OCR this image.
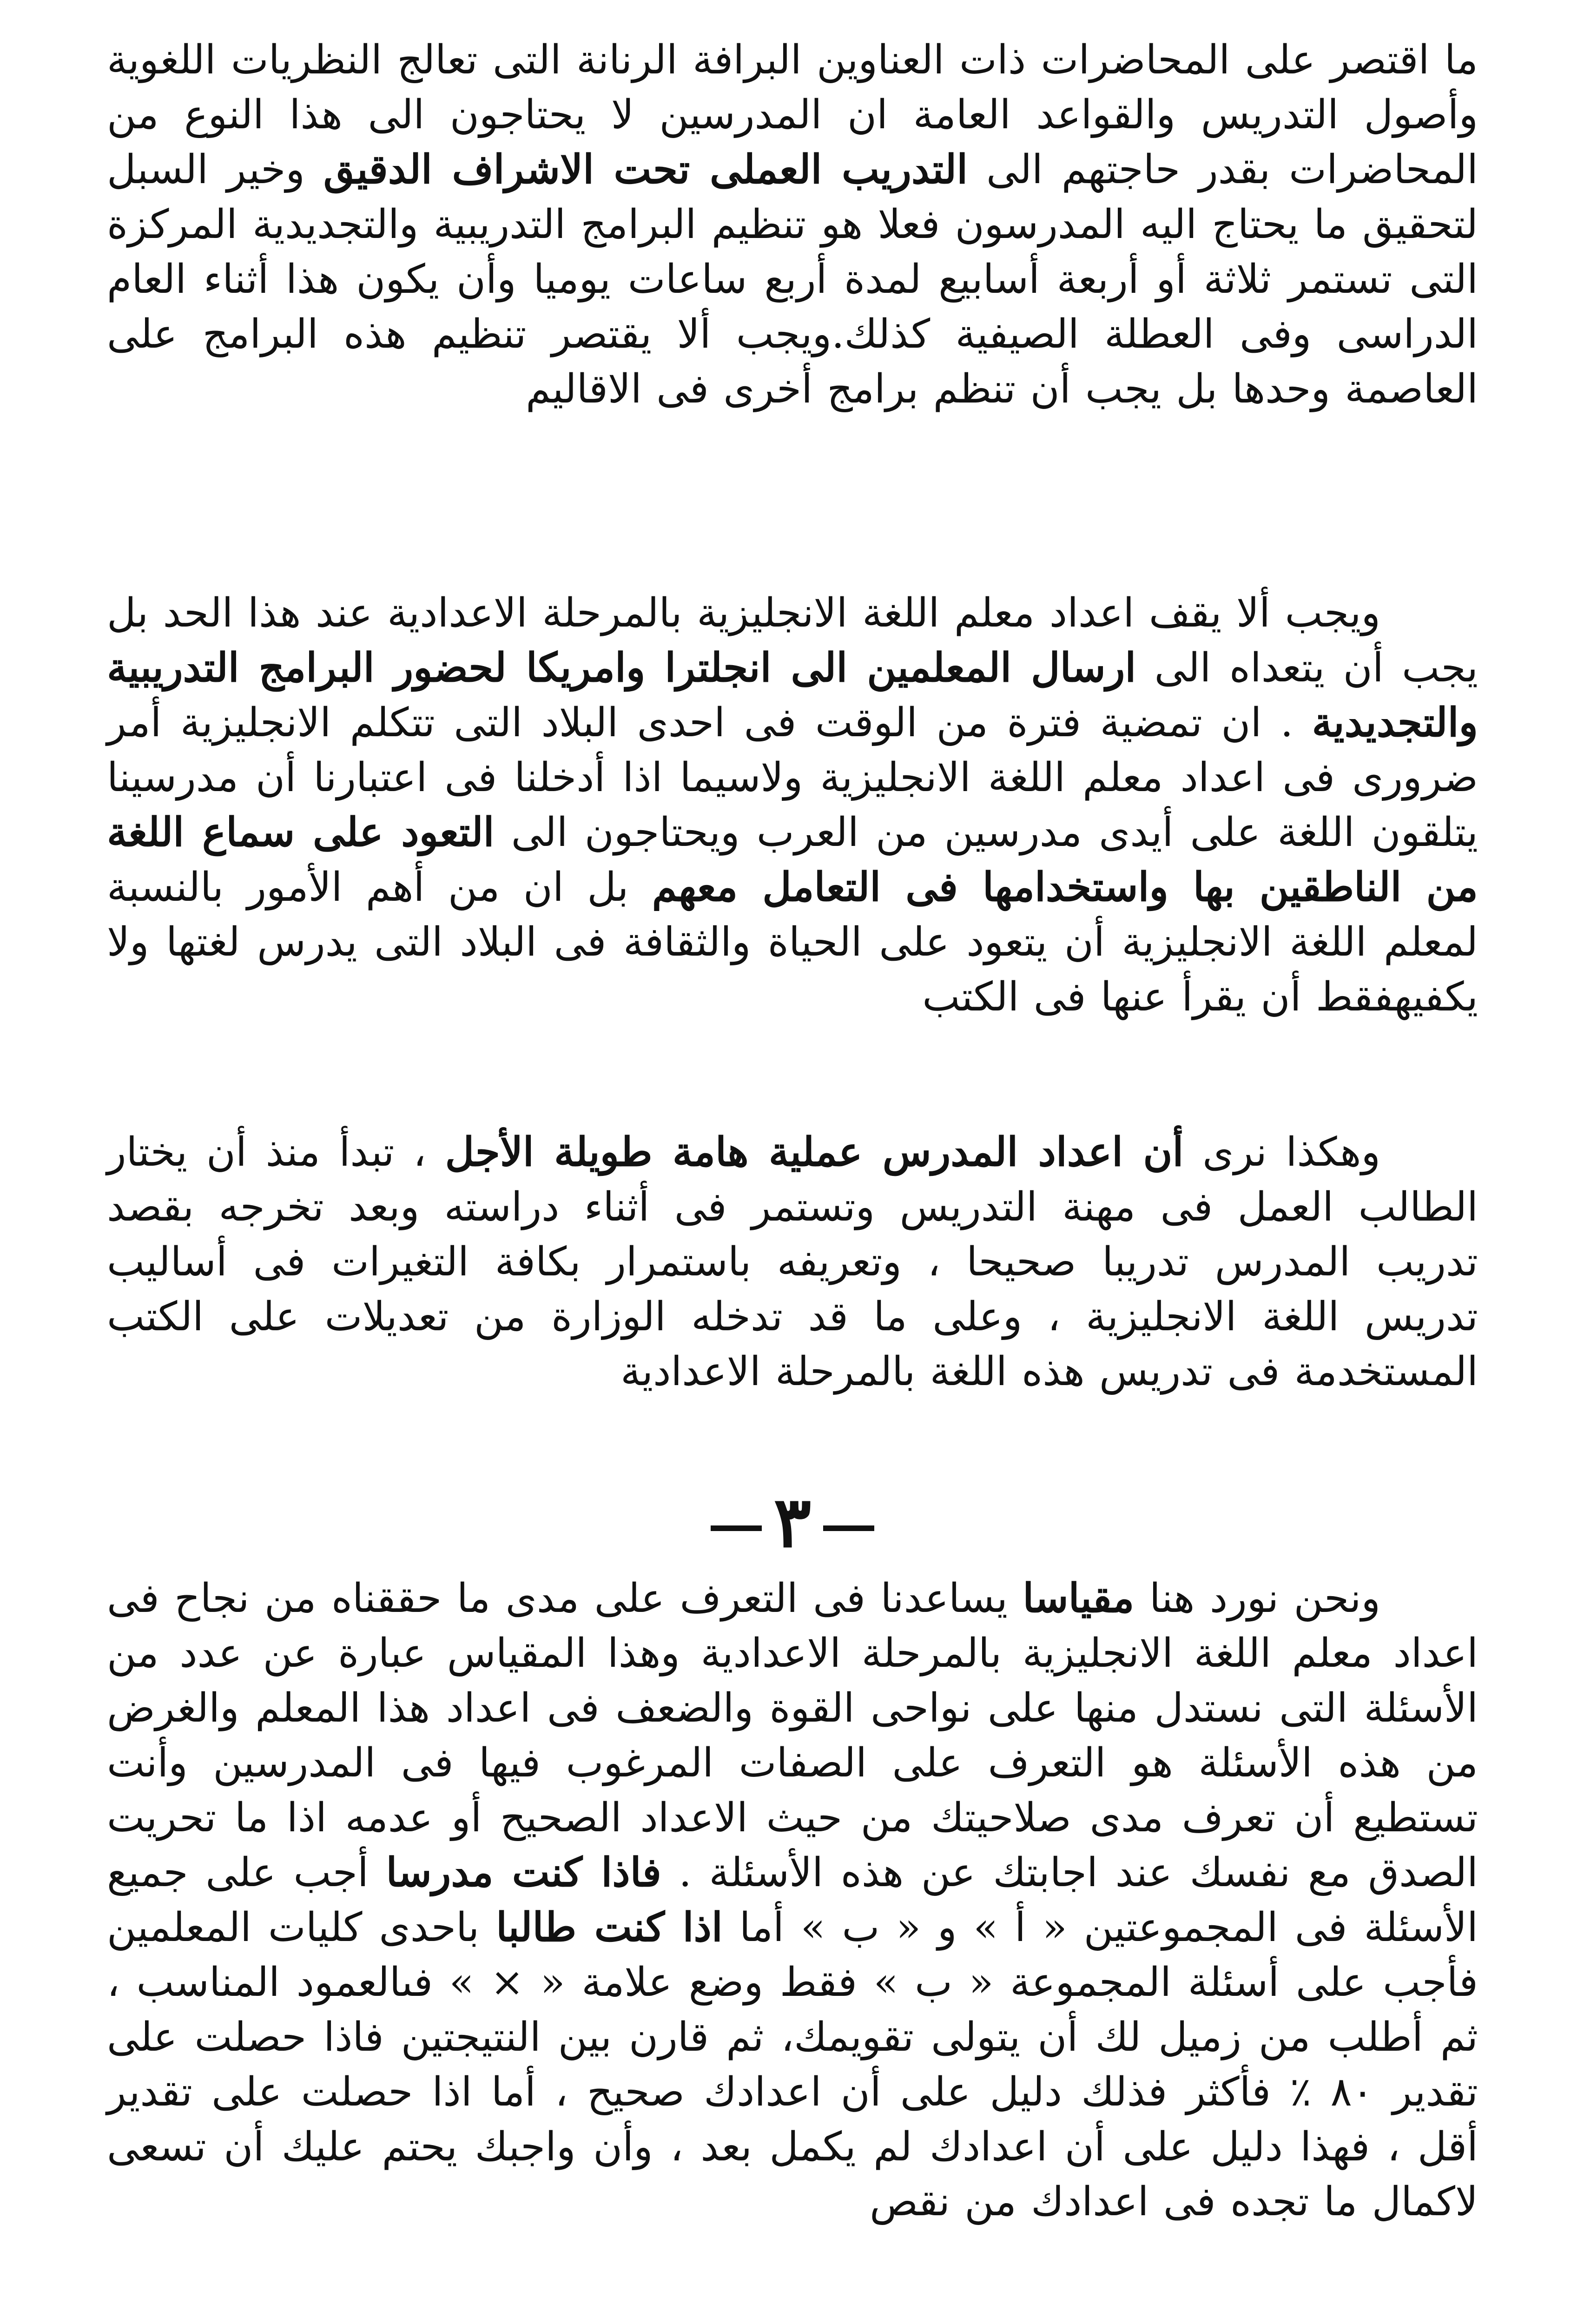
ما اقتصر على المحاضرات ذات العناوين البرافة الرنانة التى تعالج النظريات اللغوية وأصول التدريس والقواعد العامة ان المدرسين لا يحتاجون الى هذا النوع من المحاضرات بقدر حاجتهم الى التدريب العملى تحت الاشراف الدقيق وخير السبل لتحقيق ما يحتاج اليه المدرسون فعلا هو تنظيم البرامج التدريبية والتجديدية المركزة التى تستمر ثلاثة أو أربعة أسابيع لمدة أربع ساعات يوميا وأن يكون هذا أثناء العام الدراسى وفى العطلة الصيفية كذلك.ويجب ألا يقتصر تنظيم هذه البرامج على العاصمة وحدها بل يجب أن تنظم برامج أخرى فى الاقاليم

ويجب ألا يقف اعداد معلم اللغة الانجليزية بالمرحلة الاعدادية عند هذا الحد بل يجب أن يتعداه الى ارسال المعلمين الى انجلترا وامريكا لحضور البرامج التدريبية والتجديدية . ان تمضية فترة من الوقت فى احدى البلاد التى تتكلم الانجليزية أمر ضرورى فى اعداد معلم اللغة الانجليزية ولاسيما اذا أدخلنا فى اعتبارنا أن مدرسينا يتلقون اللغة على أيدى مدرسين من العرب ويحتاجون الى التعود على سماع اللغة من الناطقين بها واستخدامها فى التعامل معهم بل ان من أهم الأمور بالنسبة لمعلم اللغة الانجليزية أن يتعود على الحياة والثقافة فى البلاد التى يدرس لغتها ولا يكفيهفقط أن يقرأ عنها فى الكتب

وهكذا نرى أن اعداد المدرس عملية هامة طويلة الأجل ، تبدأ منذ أن يختار الطالب العمل فى مهنة التدريس وتستمر فى أثناء دراسته وبعد تخرجه بقصد تدريب المدرس تدريبا صحيحا ، وتعريفه باستمرار بكافة التغيرات فى أساليب تدريس اللغة الانجليزية ، وعلى ما قد تدخله الوزارة من تعديلات على الكتب المستخدمة فى تدريس هذه اللغة بالمرحلة الاعدادية

٣

ونحن نورد هنا مقياسا يساعدنا فى التعرف على مدى ما حققناه من نجاح فى اعداد معلم اللغة الانجليزية بالمرحلة الاعدادية وهذا المقياس عبارة عن عدد من الأسئلة التى نستدل منها على نواحى القوة والضعف فى اعداد هذا المعلم والغرض من هذه الأسئلة هو التعرف على الصفات المرغوب فيها فى المدرسين وأنت تستطيع أن تعرف مدى صلاحيتك من حيث الاعداد الصحيح أو عدمه اذا ما تحريت الصدق مع نفسك عند اجابتك عن هذه الأسئلة . فاذا كنت مدرسا أجب على جميع الأسئلة فى المجموعتين « أ » و « ب » أما اذا كنت طالبا باحدى كليات المعلمين فأجب على أسئلة المجموعة « ب » فقط وضع علامة « × » فىالعمود المناسب ، ثم أطلب من زميل لك أن يتولى تقويمك، ثم قارن بين النتيجتين فاذا حصلت على تقدير ٨٠ ٪ فأكثر فذلك دليل على أن اعدادك صحيح ، أما اذا حصلت على تقدير أقل ، فهذا دليل على أن اعدادك لم يكمل بعد ، وأن واجبك يحتم عليك أن تسعى لاكمال ما تجده فى اعدادك من نقص
